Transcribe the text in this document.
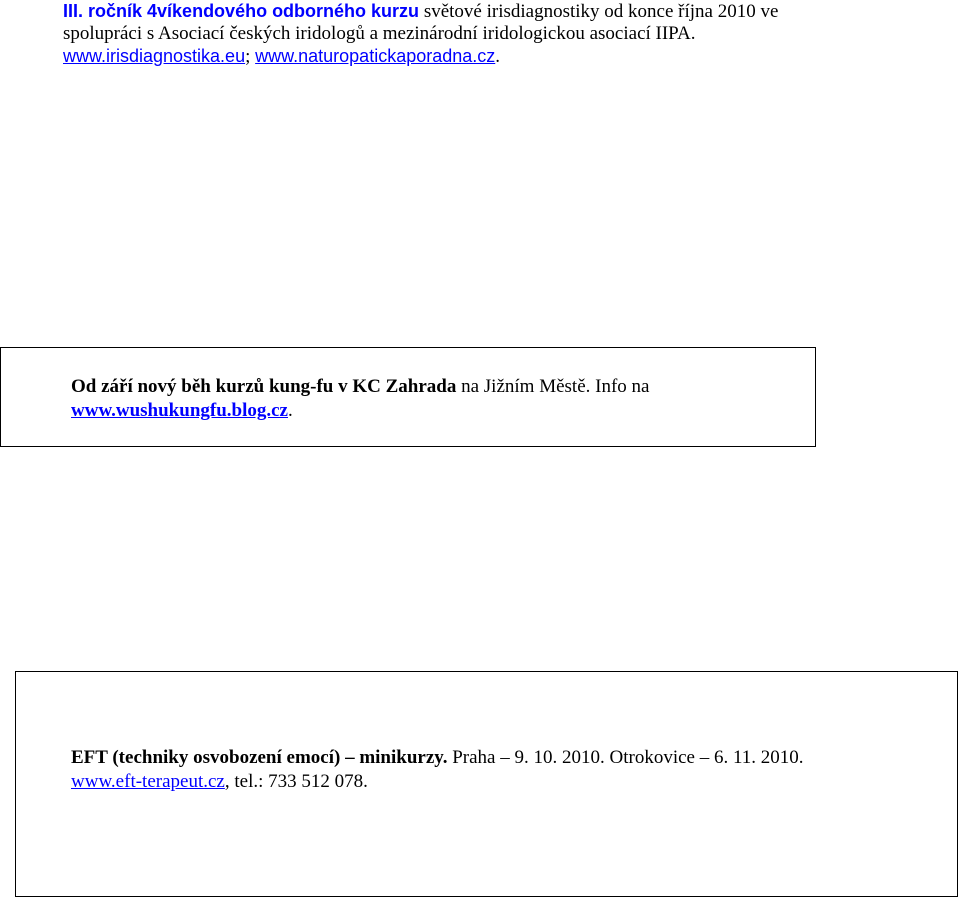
III. ročník 4víkendového odborného kurzu světové irisdiagnostiky od konce října 2010 ve
spolupráci s Asociací českých iridologů a mezinárodní iridologickou asociací IIPA.
www.irisdiagnostika.eu; www.naturopatickaporadna.cz.
Od září nový běh kurzů kung-fu v KC Zahrada na Jižním Městě. Info na
www.wushukungfu.blog.cz.
EFT (techniky osvobození emocí) – minikurzy. Praha – 9. 10. 2010. Otrokovice – 6. 11. 2010.
www.eft-terapeut.cz, tel.: 733 512 078.
